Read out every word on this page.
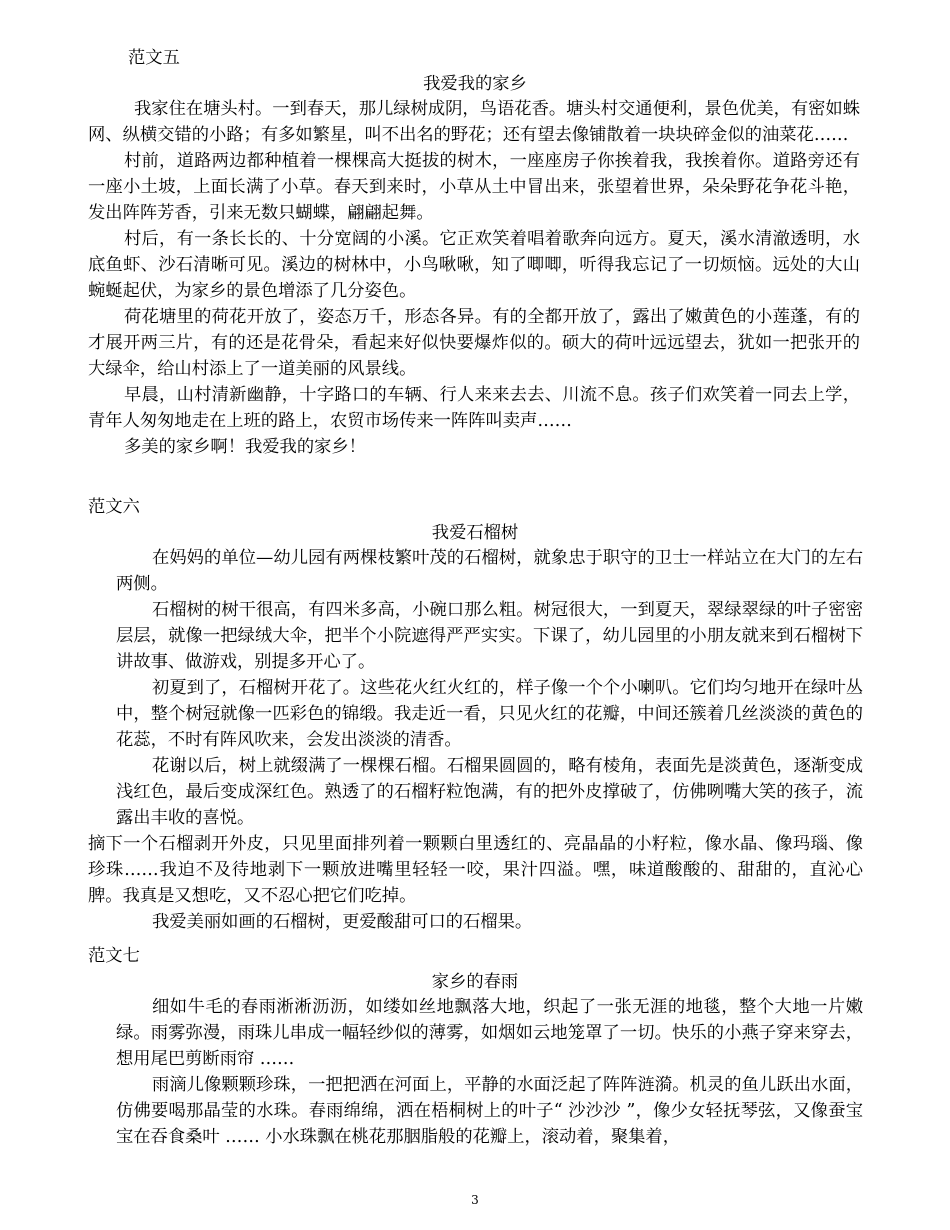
范文五
我爱我的家乡

我家住在塘头村。一到春天，那儿绿树成阴，鸟语花香。塘头村交通便利，景色优美，有密如蛛网、纵横交错的小路；有多如繁星，叫不出名的野花；还有望去像铺散着一块块碎金似的油菜花……

村前，道路两边都种植着一棵棵高大挺拔的树木，一座座房子你挨着我，我挨着你。道路旁还有一座小土坡，上面长满了小草。春天到来时，小草从土中冒出来，张望着世界，朵朵野花争花斗艳，发出阵阵芳香，引来无数只蝴蝶，翩翩起舞。

村后，有一条长长的、十分宽阔的小溪。它正欢笑着唱着歌奔向远方。夏天，溪水清澈透明，水底鱼虾、沙石清晰可见。溪边的树林中，小鸟啾啾，知了唧唧，听得我忘记了一切烦恼。远处的大山蜿蜒起伏，为家乡的景色增添了几分姿色。

荷花塘里的荷花开放了，姿态万千，形态各异。有的全都开放了，露出了嫩黄色的小莲蓬，有的才展开两三片，有的还是花骨朵，看起来好似快要爆炸似的。硕大的荷叶远远望去，犹如一把张开的大绿伞，给山村添上了一道美丽的风景线。

早晨，山村清新幽静，十字路口的车辆、行人来来去去、川流不息。孩子们欢笑着一同去上学，青年人匆匆地走在上班的路上，农贸市场传来一阵阵叫卖声……

多美的家乡啊！我爱我的家乡！

范文六
我爱石榴树

在妈妈的单位—幼儿园有两棵枝繁叶茂的石榴树，就象忠于职守的卫士一样站立在大门的左右两侧。

石榴树的树干很高，有四米多高，小碗口那么粗。树冠很大，一到夏天，翠绿翠绿的叶子密密层层，就像一把绿绒大伞，把半个小院遮得严严实实。下课了，幼儿园里的小朋友就来到石榴树下讲故事、做游戏，别提多开心了。

初夏到了，石榴树开花了。这些花火红火红的，样子像一个个小喇叭。它们均匀地开在绿叶丛中，整个树冠就像一匹彩色的锦缎。我走近一看，只见火红的花瓣，中间还簇着几丝淡淡的黄色的花蕊，不时有阵风吹来，会发出淡淡的清香。

花谢以后，树上就缀满了一棵棵石榴。石榴果圆圆的，略有棱角，表面先是淡黄色，逐渐变成浅红色，最后变成深红色。熟透了的石榴籽粒饱满，有的把外皮撑破了，仿佛咧嘴大笑的孩子，流露出丰收的喜悦。

摘下一个石榴剥开外皮，只见里面排列着一颗颗白里透红的、亮晶晶的小籽粒，像水晶、像玛瑙、像珍珠……我迫不及待地剥下一颗放进嘴里轻轻一咬，果汁四溢。嘿，味道酸酸的、甜甜的，直沁心脾。我真是又想吃，又不忍心把它们吃掉。

我爱美丽如画的石榴树，更爱酸甜可口的石榴果。

范文七
家乡的春雨

细如牛毛的春雨淅淅沥沥，如缕如丝地飘落大地，织起了一张无涯的地毯，整个大地一片嫩绿。雨雾弥漫，雨珠儿串成一幅轻纱似的薄雾，如烟如云地笼罩了一切。快乐的小燕子穿来穿去，想用尾巴剪断雨帘 ……

雨滴儿像颗颗珍珠，一把把洒在河面上，平静的水面泛起了阵阵涟漪。机灵的鱼儿跃出水面，仿佛要喝那晶莹的水珠。春雨绵绵，洒在梧桐树上的叶子“ 沙沙沙 ”，像少女轻抚琴弦，又像蚕宝宝在吞食桑叶 …… 小水珠飘在桃花那胭脂般的花瓣上，滚动着，聚集着，

3
